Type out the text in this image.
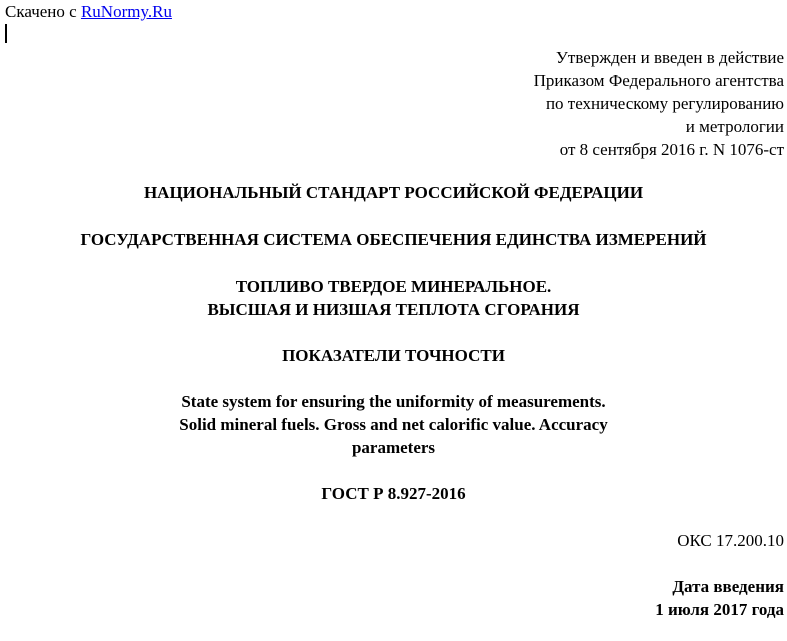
Скачено с RuNormy.Ru
Утвержден и введен в действие
Приказом Федерального агентства
по техническому регулированию
и метрологии
от 8 сентября 2016 г. N 1076-ст
НАЦИОНАЛЬНЫЙ СТАНДАРТ РОССИЙСКОЙ ФЕДЕРАЦИИ
ГОСУДАРСТВЕННАЯ СИСТЕМА ОБЕСПЕЧЕНИЯ ЕДИНСТВА ИЗМЕРЕНИЙ
ТОПЛИВО ТВЕРДОЕ МИНЕРАЛЬНОЕ.
ВЫСШАЯ И НИЗШАЯ ТЕПЛОТА СГОРАНИЯ
ПОКАЗАТЕЛИ ТОЧНОСТИ
State system for ensuring the uniformity of measurements.
Solid mineral fuels. Gross and net calorific value. Accuracy
parameters
ГОСТ Р 8.927-2016
ОКС 17.200.10
Дата введения
1 июля 2017 года
